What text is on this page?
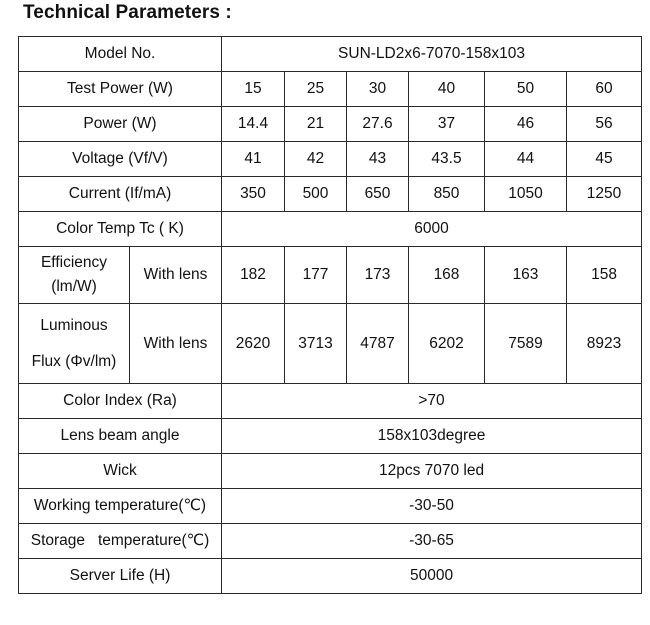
Technical Parameters :
Model No.		SUN-LD2x6-7070-158x103					
Test Power (W)		15	25	30	40	50	60
Power (W)		14.4	21	27.6	37	46	56
Voltage (Vf/V)		41	42	43	43.5	44	45
Current (If/mA)		350	500	650	850	1050	1250
Color Temp Tc ( K)		6000					
Efficiency
(lm/W)	With lens	182	177	173	168	163	158
Luminous
Flux (Φv/lm)	With lens	2620	3713	4787	6202	7589	8923
Color Index (Ra)		>70					
Lens beam angle		158x103degree					
Wick		12pcs 7070 led					
Working temperature(℃)		-30-50					
Storage   temperature(℃)		-30-65					
Server Life (H)		50000					
